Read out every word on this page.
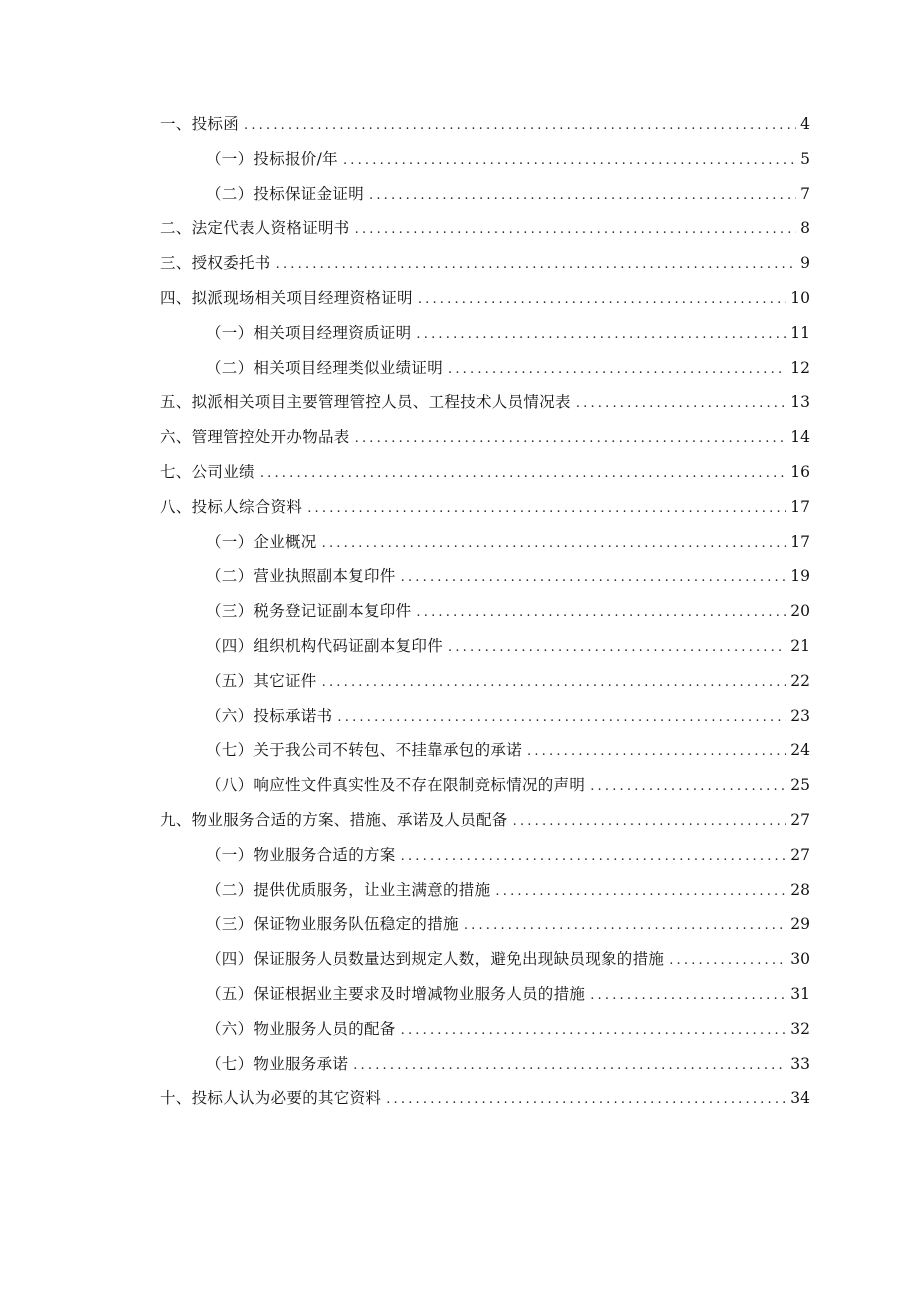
一、投标函 .....	4
（一）投标报价/年 .....	5
（二）投标保证金证明 .....	7
二、法定代表人资格证明书 .....	8
三、授权委托书 .....	9
四、拟派现场相关项目经理资格证明 .....	10
（一）相关项目经理资质证明 .....	11
（二）相关项目经理类似业绩证明 .....	12
五、拟派相关项目主要管理管控人员、工程技术人员情况表 .....	13
六、管理管控处开办物品表 .....	14
七、公司业绩 .....	16
八、投标人综合资料 .....	17
（一）企业概况 .....	17
（二）营业执照副本复印件 .....	19
（三）税务登记证副本复印件 .....	20
（四）组织机构代码证副本复印件 .....	21
（五）其它证件 .....	22
（六）投标承诺书 .....	23
（七）关于我公司不转包、不挂靠承包的承诺 .....	24
（八）响应性文件真实性及不存在限制竞标情况的声明 .....	25
九、物业服务合适的方案、措施、承诺及人员配备 .....	27
（一）物业服务合适的方案 .....	27
（二）提供优质服务，让业主满意的措施 .....	28
（三）保证物业服务队伍稳定的措施 .....	29
（四）保证服务人员数量达到规定人数，避免出现缺员现象的措施 .....	30
（五）保证根据业主要求及时增减物业服务人员的措施 .....	31
（六）物业服务人员的配备 .....	32
（七）物业服务承诺 .....	33
十、投标人认为必要的其它资料 .....	34
